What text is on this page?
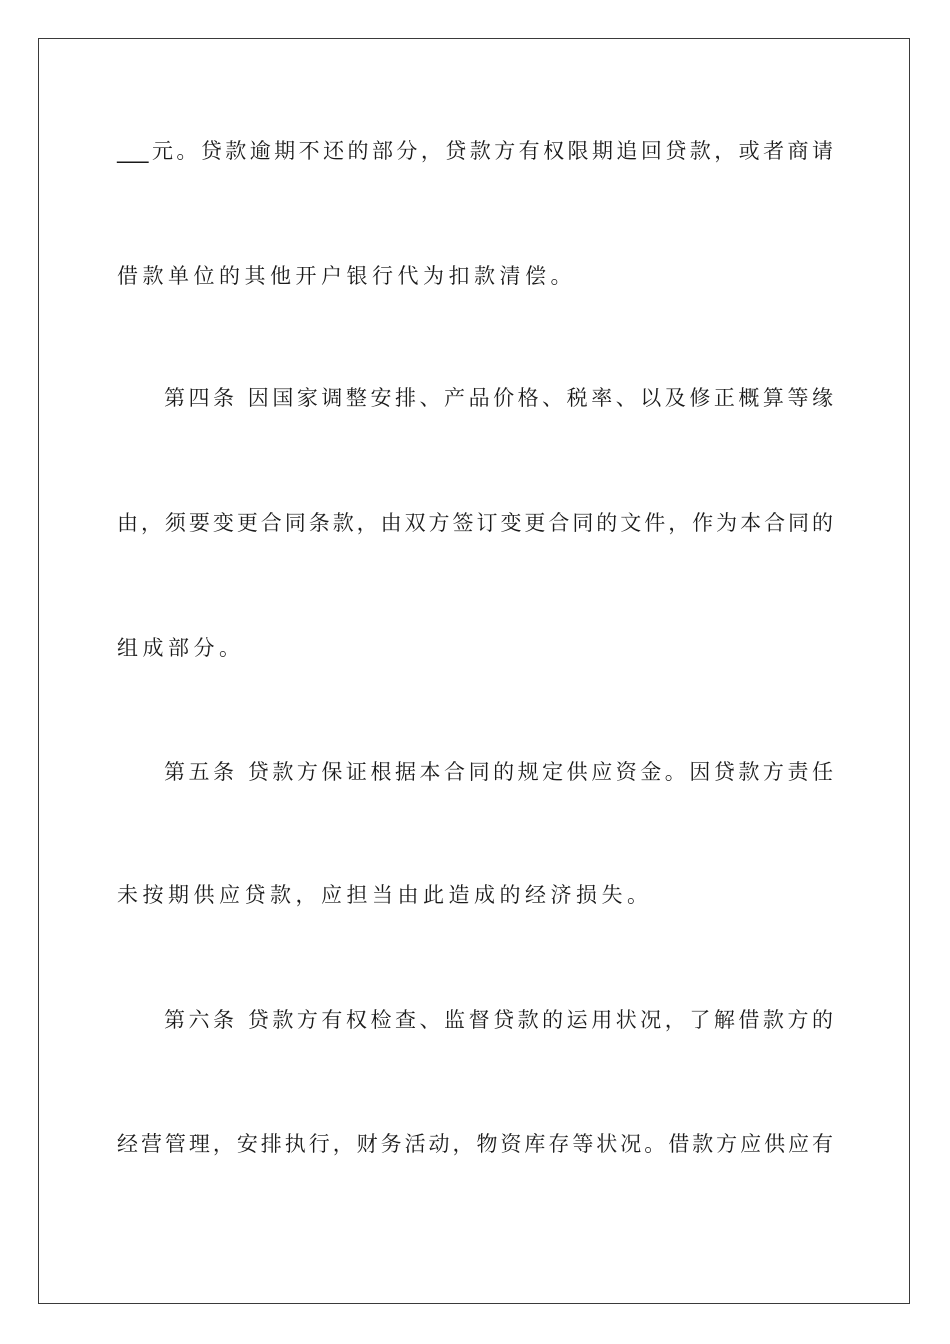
___元。贷款逾期不还的部分，贷款方有权限期追回贷款，或者商请
借款单位的其他开户银行代为扣款清偿。
第四条 因国家调整安排、产品价格、税率、以及修正概算等缘
由，须要变更合同条款，由双方签订变更合同的文件，作为本合同的
组成部分。
第五条 贷款方保证根据本合同的规定供应资金。因贷款方责任
未按期供应贷款，应担当由此造成的经济损失。
第六条 贷款方有权检查、监督贷款的运用状况，了解借款方的
经营管理，安排执行，财务活动，物资库存等状况。借款方应供应有
